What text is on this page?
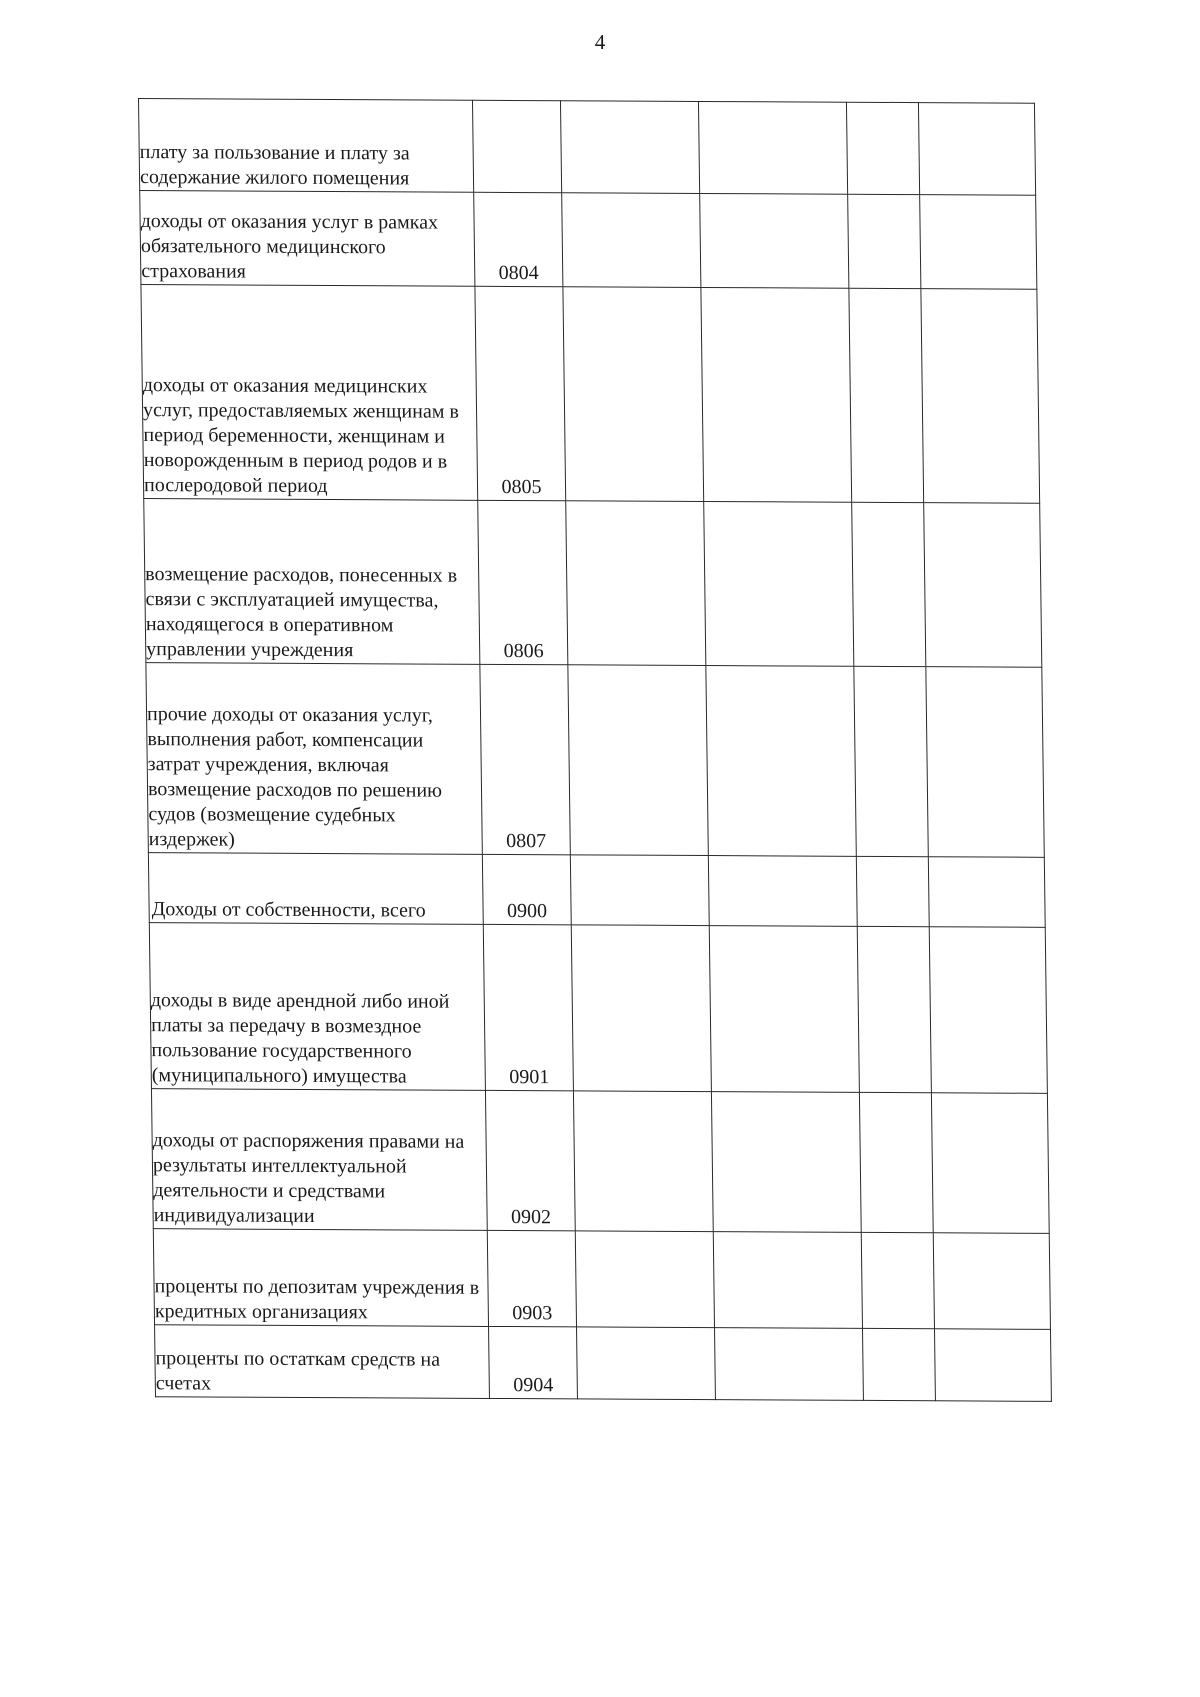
4
плату за пользование и плату за содержание жилого помещения					
доходы от оказания услуг в рамках обязательного медицинского страхования	0804				
доходы от оказания медицинских услуг, предоставляемых женщинам в период беременности, женщинам и новорожденным в период родов и в послеродовой период	0805				
возмещение расходов, понесенных в связи с эксплуатацией имущества, находящегося в оперативном управлении учреждения	0806				
прочие доходы от оказания услуг, выполнения работ, компенсации затрат учреждения, включая возмещение расходов по решению судов (возмещение судебных издержек)	0807				
Доходы от собственности, всего	0900				
доходы в виде арендной либо иной платы за передачу в возмездное пользование государственного (муниципального) имущества	0901				
доходы от распоряжения правами на результаты интеллектуальной деятельности и средствами индивидуализации	0902				
проценты по депозитам учреждения в кредитных организациях	0903				
проценты по остаткам средств на счетах	0904				
